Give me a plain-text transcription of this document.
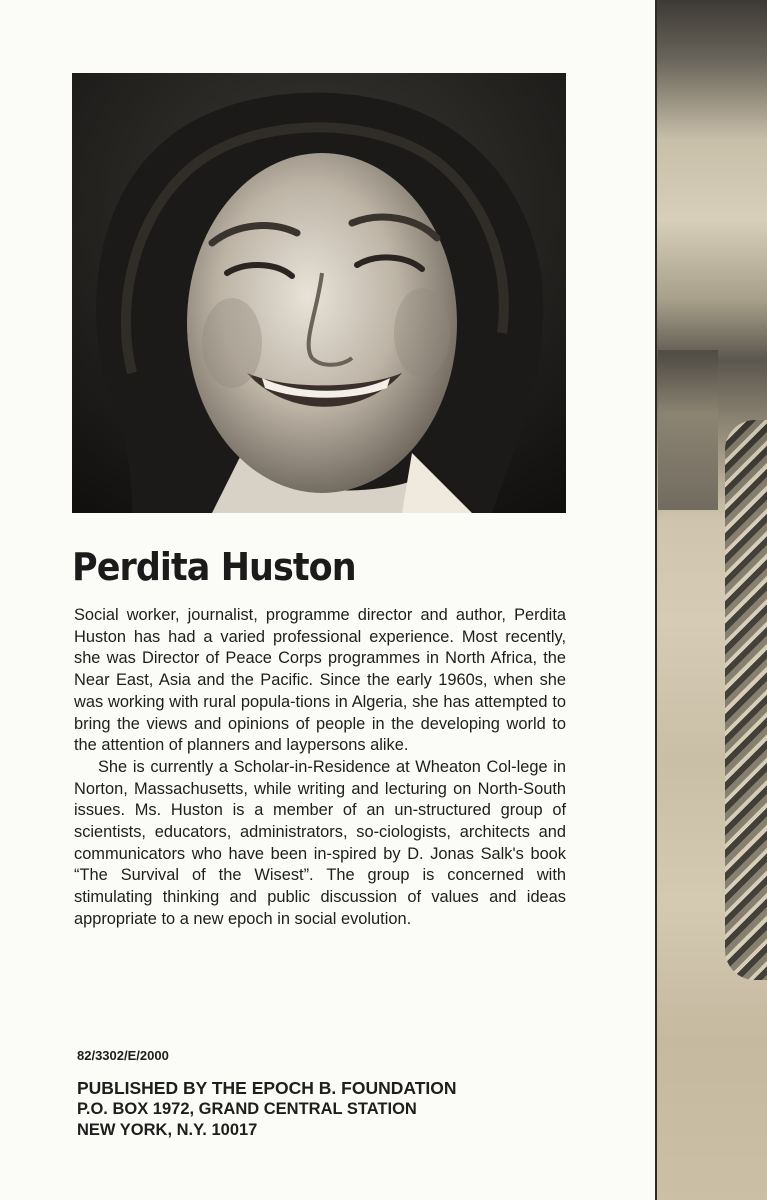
Perdita Huston

Social worker, journalist, programme director and author, Perdita Huston has had a varied professional experience. Most recently, she was Director of Peace Corps programmes in North Africa, the Near East, Asia and the Pacific. Since the early 1960s, when she was working with rural popula-tions in Algeria, she has attempted to bring the views and opinions of people in the developing world to the attention of planners and laypersons alike.

She is currently a Scholar-in-Residence at Wheaton Col-lege in Norton, Massachusetts, while writing and lecturing on North-South issues. Ms. Huston is a member of an un-structured group of scientists, educators, administrators, so-ciologists, architects and communicators who have been in-spired by D. Jonas Salk's book “The Survival of the Wisest”. The group is concerned with stimulating thinking and public discussion of values and ideas appropriate to a new epoch in social evolution.

82/3302/E/2000
PUBLISHED BY THE EPOCH B. FOUNDATION
P.O. BOX 1972, GRAND CENTRAL STATION
NEW YORK, N.Y. 10017
